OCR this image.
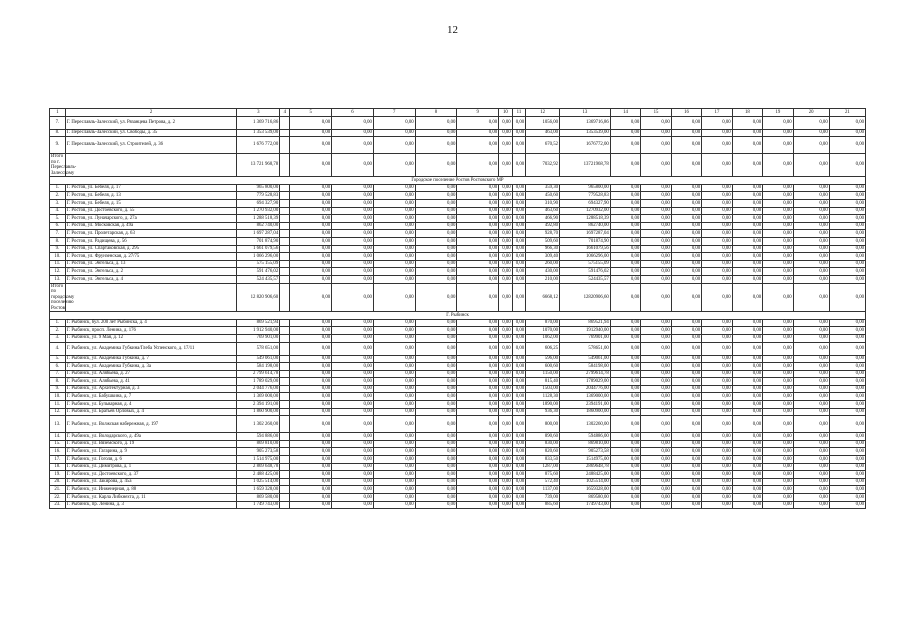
12
1	2	3	4	5	6	7	8	9	10	11	12	13	14	15	16	17	18	19	20	21
7.	Г. Переславль-Залесский, ул. Рязанцева Петрова, д. 2	1 369 716,86		0,00	0,00	0,00	0,00	0,00	0,00	0,00	1056,00	1369716,86	0,00	0,00	0,00	0,00	0,00	0,00	0,00	0,00
8.	Г. Переславль-Залесский, ул. Свободы, д. 35	1 353 539,00		0,00	0,00	0,00	0,00	0,00	0,00	0,00	463,00	1353539,00	0,00	0,00	0,00	0,00	0,00	0,00	0,00	0,00
9.	Г. Переславль-Залесский, ул. Строителей, д. 36	1 676 772,00		0,00	0,00	0,00	0,00	0,00	0,00	0,00	670,52	1676772,00	0,00	0,00	0,00	0,00	0,00	0,00	0,00	0,00
Итого по г. Переславль-Залесскому		13 721 968,78		0,00	0,00	0,00	0,00	0,00	0,00	0,00	7032,92	13721968,78	0,00	0,00	0,00	0,00	0,00	0,00	0,00	0,00
Городское поселение Ростов Ростовского МР																				
1.	Г. Ростов, ул. Бебеля, д. 17	965 800,00		0,00	0,00	0,00	0,00	0,00	0,00	0,00	359,30	965800,00	0,00	0,00	0,00	0,00	0,00	0,00	0,00	0,00
2.	Г. Ростов, ул. Бебеля, д. 13	779 528,83		0,00	0,00	0,00	0,00	0,00	0,00	0,00	450,60	779528,83	0,00	0,00	0,00	0,00	0,00	0,00	0,00	0,00
3.	Г. Ростов, ул. Бебеля, д. 15	694 327,90		0,00	0,00	0,00	0,00	0,00	0,00	0,00	310,90	694327,90	0,00	0,00	0,00	0,00	0,00	0,00	0,00	0,00
4.	Г. Ростов, ул. Достоевского, д. 55	1 270 932,00		0,00	0,00	0,00	0,00	0,00	0,00	0,00	463,60	1270932,00	0,00	0,00	0,00	0,00	0,00	0,00	0,00	0,00
5.	Г. Ростов, ул. Луначарского, д. 27а	1 288 518,39		0,00	0,00	0,00	0,00	0,00	0,00	0,00	466,90	1288518,39	0,00	0,00	0,00	0,00	0,00	0,00	0,00	0,00
6.	Г. Ростов, ул. Московская, д. 49а	862 740,00		0,00	0,00	0,00	0,00	0,00	0,00	0,00	492,80	862740,00	0,00	0,00	0,00	0,00	0,00	0,00	0,00	0,00
7.	Г. Ростов, ул. Пролетарская, д. 63	1 697 287,04		0,00	0,00	0,00	0,00	0,00	0,00	0,00	928,70	1697287,04	0,00	0,00	0,00	0,00	0,00	0,00	0,00	0,00
8.	Г. Ростов, ул. Радищева, д. 56	701 874,90		0,00	0,00	0,00	0,00	0,00	0,00	0,00	509,60	701874,90	0,00	0,00	0,00	0,00	0,00	0,00	0,00	0,00
9.	Г. Ростов, ул. Спартаковская, д. 295	1 661 079,56		0,00	0,00	0,00	0,00	0,00	0,00	0,00	966,30	1661079,56	0,00	0,00	0,00	0,00	0,00	0,00	0,00	0,00
10.	Г. Ростов, ул. Фрунзенская, д. 27/75	1 066 296,00		0,00	0,00	0,00	0,00	0,00	0,00	0,00	309,40	1066296,00	0,00	0,00	0,00	0,00	0,00	0,00	0,00	0,00
11.	Г. Ростов, ул. Энгельса, д. 13	575 155,09		0,00	0,00	0,00	0,00	0,00	0,00	0,00	260,00	575155,09	0,00	0,00	0,00	0,00	0,00	0,00	0,00	0,00
12.	Г. Ростов, ул. Энгельса, д. 2	591 476,02		0,00	0,00	0,00	0,00	0,00	0,00	0,00	430,00	591476,02	0,00	0,00	0,00	0,00	0,00	0,00	0,00	0,00
13.	Г. Ростов, ул. Энгельса, д. 4	524 435,57		0,00	0,00	0,00	0,00	0,00	0,00	0,00	210,00	524435,57	0,00	0,00	0,00	0,00	0,00	0,00	0,00	0,00
Итого по городскому поселению Ростов		12 820 906,60		0,00	0,00	0,00	0,00	0,00	0,00	0,00	6668,12	12820906,60	0,00	0,00	0,00	0,00	0,00	0,00	0,00	0,00
Г. Рыбинск																				
1.	Г. Рыбинск, бул. 200 лет Рыбинска, д. 4	869 521,94		0,00	0,00	0,00	0,00	0,00	0,00	0,00	870,00	869521,94	0,00	0,00	0,00	0,00	0,00	0,00	0,00	0,00
2.	Г. Рыбинск, просп. Ленина, д. 176	1 912 940,00		0,00	0,00	0,00	0,00	0,00	0,00	0,00	1070,00	1912940,00	0,00	0,00	0,00	0,00	0,00	0,00	0,00	0,00
3.	Г. Рыбинск, ул. 9 Мая, д. 12	769 901,00		0,00	0,00	0,00	0,00	0,00	0,00	0,00	1062,00	769901,00	0,00	0,00	0,00	0,00	0,00	0,00	0,00	0,00
4.	Г. Рыбинск, ул. Академика Губкина/Глеба Успенского, д. 17/11	578 651,00		0,00	0,00	0,00	0,00	0,00	0,00	0,00	606,25	578651,00	0,00	0,00	0,00	0,00	0,00	0,00	0,00	0,00
5.	Г. Рыбинск, ул. Академика Губкина, д. 7	549 061,00		0,00	0,00	0,00	0,00	0,00	0,00	0,00	596,00	549061,00	0,00	0,00	0,00	0,00	0,00	0,00	0,00	0,00
6.	Г. Рыбинск, ул. Академика Губкина, д. 3а	584 198,00		0,00	0,00	0,00	0,00	0,00	0,00	0,00	600,60	584198,00	0,00	0,00	0,00	0,00	0,00	0,00	0,00	0,00
7.	Г. Рыбинск, ул. Алябьева, д. 27	2 799 614,78		0,00	0,00	0,00	0,00	0,00	0,00	0,00	1150,00	2799614,78	0,00	0,00	0,00	0,00	0,00	0,00	0,00	0,00
8.	Г. Рыбинск, ул. Алябьева, д. 41	1 789 029,00		0,00	0,00	0,00	0,00	0,00	0,00	0,00	815,40	1789029,00	0,00	0,00	0,00	0,00	0,00	0,00	0,00	0,00
9.	Г. Рыбинск, ул. Архитектурная, д. 3	2 044 776,00		0,00	0,00	0,00	0,00	0,00	0,00	0,00	1503,00	2044776,00	0,00	0,00	0,00	0,00	0,00	0,00	0,00	0,00
10.	Г. Рыбинск, ул. Бабушкина, д. 7	1 369 000,00		0,00	0,00	0,00	0,00	0,00	0,00	0,00	1128,30	1369000,00	0,00	0,00	0,00	0,00	0,00	0,00	0,00	0,00
11.	Г. Рыбинск, ул. Бульварная, д. 4	2 394 191,00		0,00	0,00	0,00	0,00	0,00	0,00	0,00	1890,00	2394191,00	0,00	0,00	0,00	0,00	0,00	0,00	0,00	0,00
12.	Г. Рыбинск, ул. Братьев Орловых, д. 4	1 860 900,00		0,00	0,00	0,00	0,00	0,00	0,00	0,00	936,30	1860900,00	0,00	0,00	0,00	0,00	0,00	0,00	0,00	0,00
13.	Г. Рыбинск, ул. Волжская набережная, д. 197	1 302 260,00		0,00	0,00	0,00	0,00	0,00	0,00	0,00	800,00	1302260,00	0,00	0,00	0,00	0,00	0,00	0,00	0,00	0,00
14.	Г. Рыбинск, ул. Володарского, д. 49а	594 886,00		0,00	0,00	0,00	0,00	0,00	0,00	0,00	890,60	594886,00	0,00	0,00	0,00	0,00	0,00	0,00	0,00	0,00
15.	Г. Рыбинск, ул. Вяземского, д. 19	869 810,00		0,00	0,00	0,00	0,00	0,00	0,00	0,00	830,00	869810,00	0,00	0,00	0,00	0,00	0,00	0,00	0,00	0,00
16.	Г. Рыбинск, ул. Гагарина, д. 9	905 273,58		0,00	0,00	0,00	0,00	0,00	0,00	0,00	820,60	905273,58	0,00	0,00	0,00	0,00	0,00	0,00	0,00	0,00
17.	Г. Рыбинск, ул. Гоголя, д. 6	1 514 975,00		0,00	0,00	0,00	0,00	0,00	0,00	0,00	833,50	1514975,00	0,00	0,00	0,00	0,00	0,00	0,00	0,00	0,00
18.	Г. Рыбинск, ул. Димитрова, д. 1	2 869 648,78		0,00	0,00	0,00	0,00	0,00	0,00	0,00	1287,00	2869648,78	0,00	0,00	0,00	0,00	0,00	0,00	0,00	0,00
19.	Г. Рыбинск, ул. Достоевского, д. 37	2 488 425,00		0,00	0,00	0,00	0,00	0,00	0,00	0,00	875,60	2488425,00	0,00	0,00	0,00	0,00	0,00	0,00	0,00	0,00
20.	Г. Рыбинск, ул. Закирова, д. 45а	1 025 514,00		0,00	0,00	0,00	0,00	0,00	0,00	0,00	572,40	1025514,00	0,00	0,00	0,00	0,00	0,00	0,00	0,00	0,00
21.	Г. Рыбинск, ул. Инженерная, д. 88	1 659 328,00		0,00	0,00	0,00	0,00	0,00	0,00	0,00	1137,00	1659328,00	0,00	0,00	0,00	0,00	0,00	0,00	0,00	0,00
22.	Г. Рыбинск, ул. Карла Либкнехта, д. 11	869 580,00		0,00	0,00	0,00	0,00	0,00	0,00	0,00	739,00	869580,00	0,00	0,00	0,00	0,00	0,00	0,00	0,00	0,00
23.	Г. Рыбинск, пр. Ленина, д. 3	1 749 743,00		0,00	0,00	0,00	0,00	0,00	0,00	0,00	885,60	1749743,00	0,00	0,00	0,00	0,00	0,00	0,00	0,00	0,00
